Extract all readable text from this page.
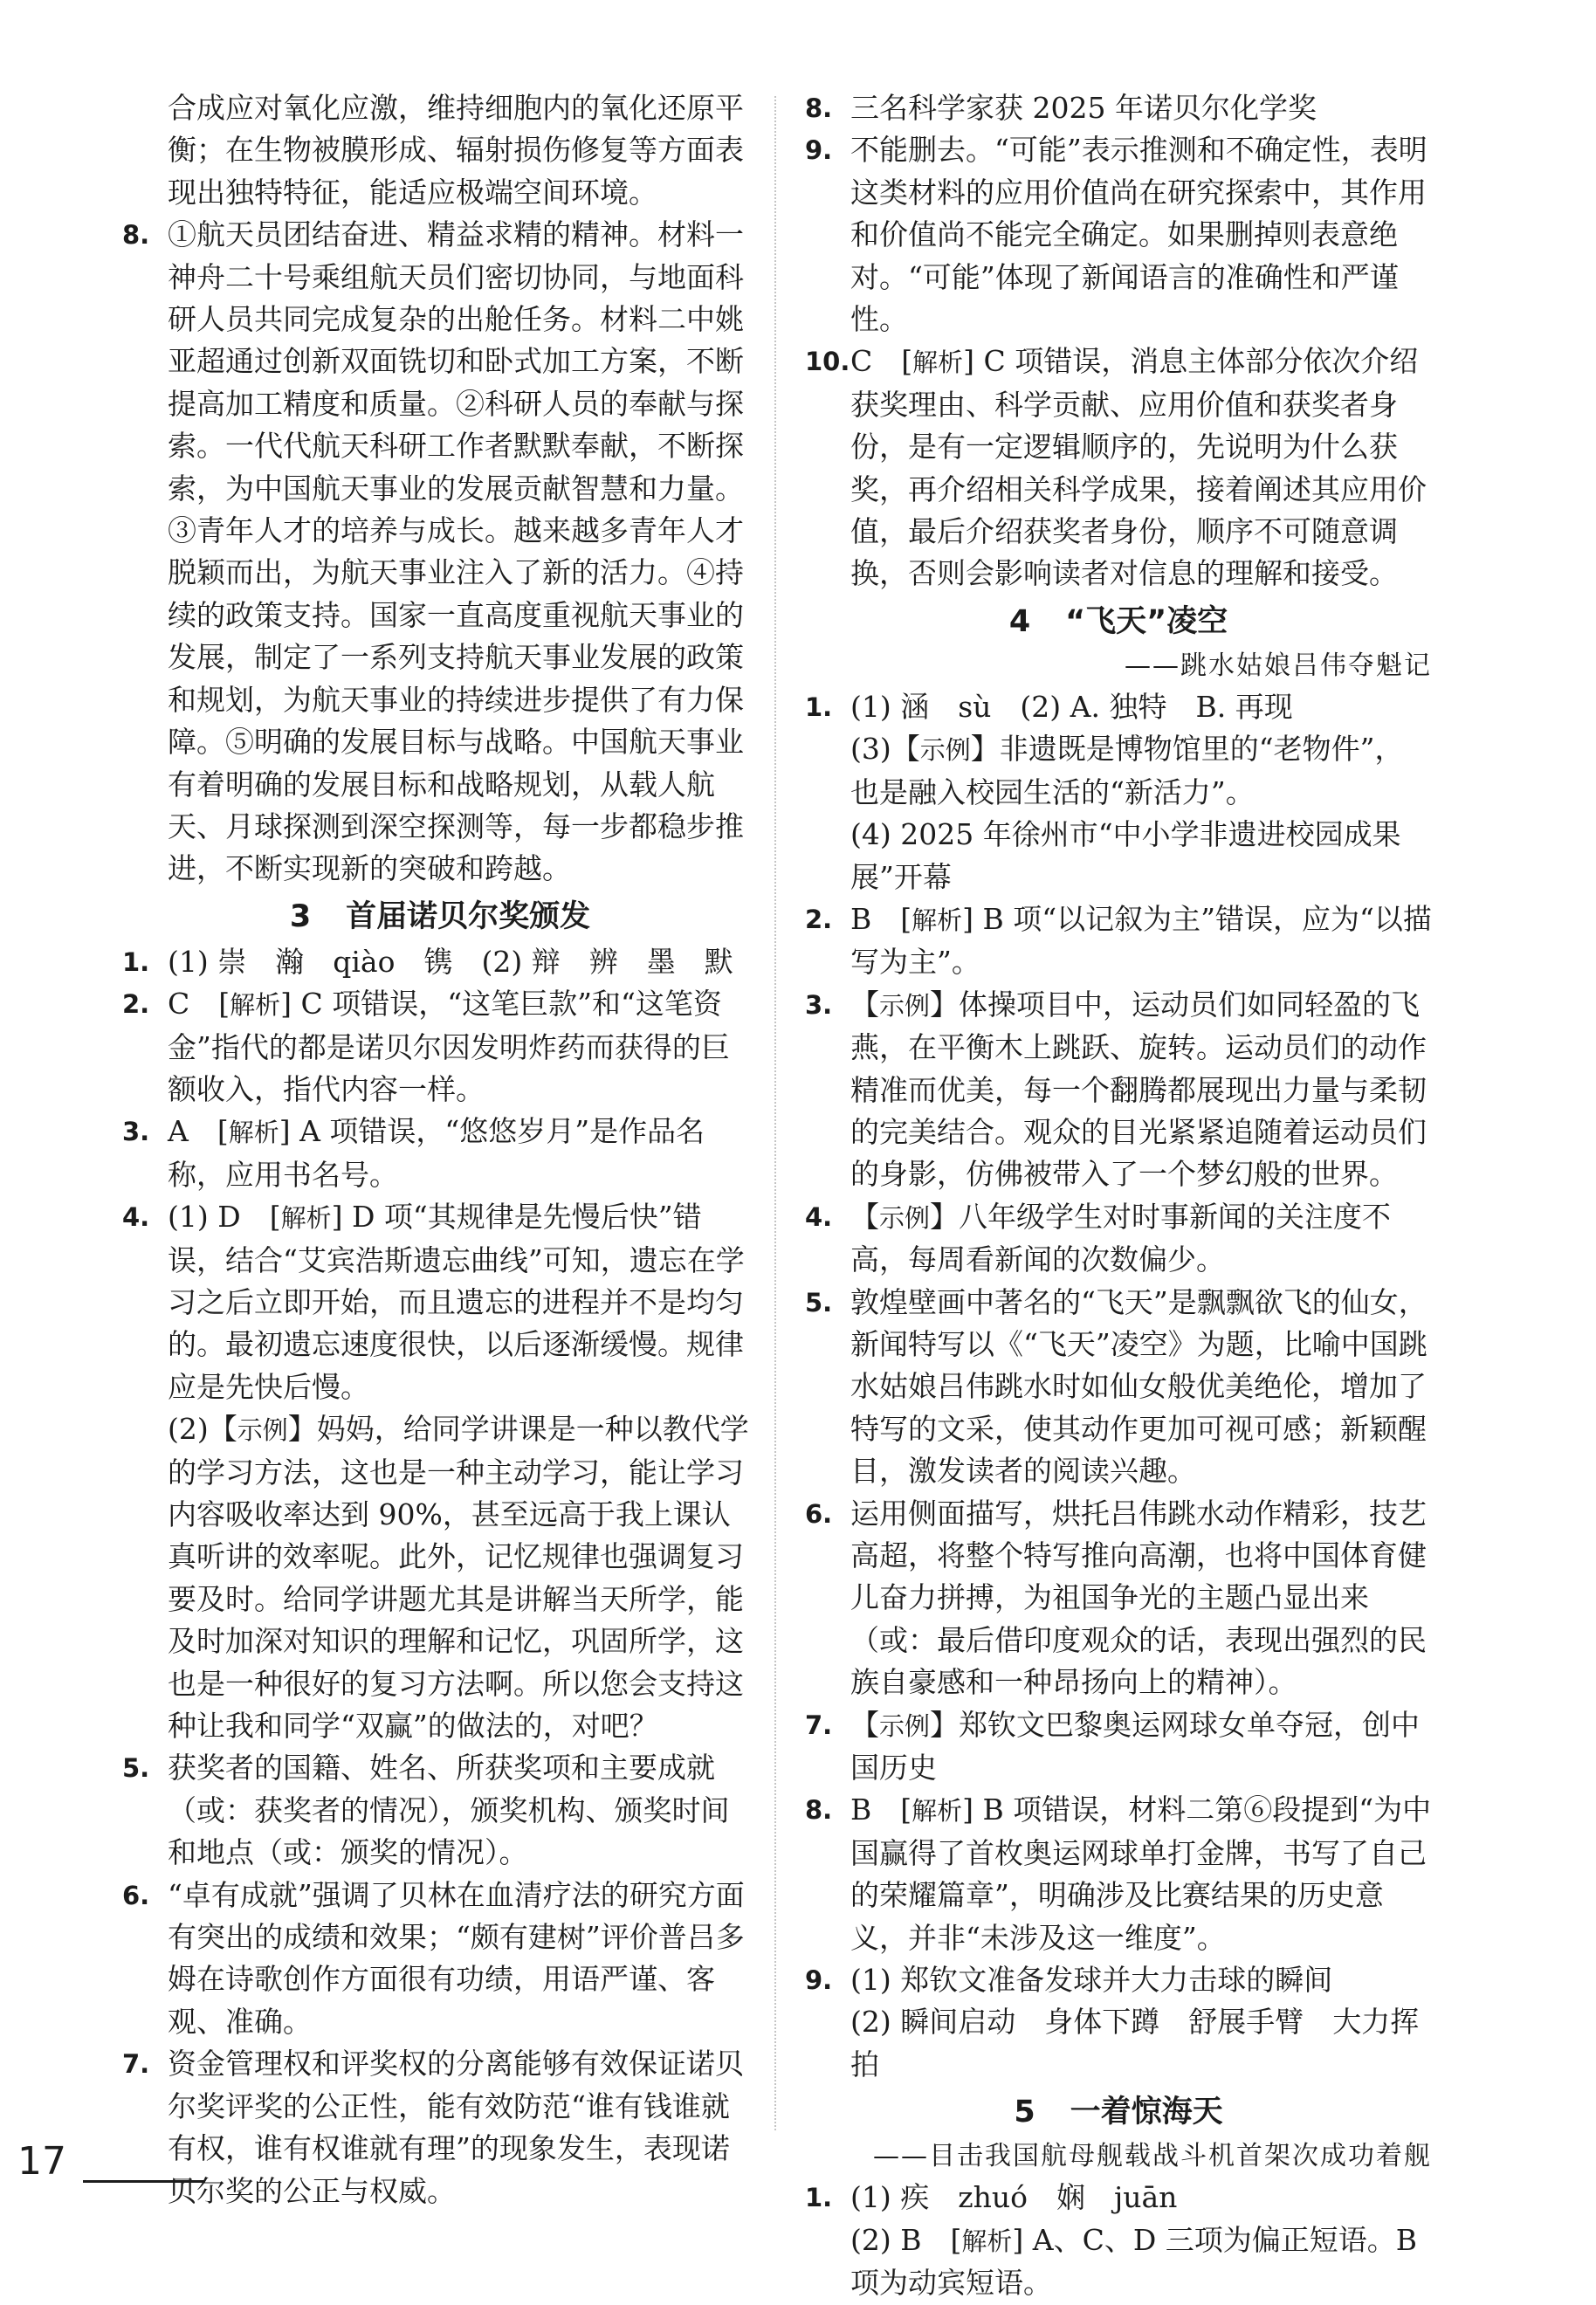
合成应对氧化应激，维持细胞内的氧化还原平衡；在生物被膜形成、辐射损伤修复等方面表现出独特特征，能适应极端空间环境。
8. ①航天员团结奋进、精益求精的精神。材料一神舟二十号乘组航天员们密切协同，与地面科研人员共同完成复杂的出舱任务。材料二中姚亚超通过创新双面铣切和卧式加工方案，不断提高加工精度和质量。②科研人员的奉献与探索。一代代航天科研工作者默默奉献，不断探索，为中国航天事业的发展贡献智慧和力量。③青年人才的培养与成长。越来越多青年人才脱颖而出，为航天事业注入了新的活力。④持续的政策支持。国家一直高度重视航天事业的发展，制定了一系列支持航天事业发展的政策和规划，为航天事业的持续进步提供了有力保障。⑤明确的发展目标与战略。中国航天事业有着明确的发展目标和战略规划，从载人航天、月球探测到深空探测等，每一步都稳步推进，不断实现新的突破和跨越。
3 首届诺贝尔奖颁发
1. (1) 崇　瀚　qiào　镌　(2) 辩　辨　墨　默
2. C　[解析] C 项错误，“这笔巨款”和“这笔资金”指代的都是诺贝尔因发明炸药而获得的巨额收入，指代内容一样。
3. A　[解析] A 项错误，“悠悠岁月”是作品名称，应用书名号。
4. (1) D　[解析] D 项“其规律是先慢后快”错误，结合“艾宾浩斯遗忘曲线”可知，遗忘在学习之后立即开始，而且遗忘的进程并不是均匀的。最初遗忘速度很快，以后逐渐缓慢。规律应是先快后慢。
(2)【示例】妈妈，给同学讲课是一种以教代学的学习方法，这也是一种主动学习，能让学习内容吸收率达到 90%，甚至远高于我上课认真听讲的效率呢。此外，记忆规律也强调复习要及时。给同学讲题尤其是讲解当天所学，能及时加深对知识的理解和记忆，巩固所学，这也是一种很好的复习方法啊。所以您会支持这种让我和同学“双赢”的做法的，对吧？
5. 获奖者的国籍、姓名、所获奖项和主要成就（或：获奖者的情况），颁奖机构、颁奖时间和地点（或：颁奖的情况）。
6. “卓有成就”强调了贝林在血清疗法的研究方面有突出的成绩和效果；“颇有建树”评价普吕多姆在诗歌创作方面很有功绩，用语严谨、客观、准确。
7. 资金管理权和评奖权的分离能够有效保证诺贝尔奖评奖的公正性，能有效防范“谁有钱谁就有权，谁有权谁就有理”的现象发生，表现诺贝尔奖的公正与权威。
8. 三名科学家获 2025 年诺贝尔化学奖
9. 不能删去。“可能”表示推测和不确定性，表明这类材料的应用价值尚在研究探索中，其作用和价值尚不能完全确定。如果删掉则表意绝对。“可能”体现了新闻语言的准确性和严谨性。
10. C　[解析] C 项错误，消息主体部分依次介绍获奖理由、科学贡献、应用价值和获奖者身份，是有一定逻辑顺序的，先说明为什么获奖，再介绍相关科学成果，接着阐述其应用价值，最后介绍获奖者身份，顺序不可随意调换，否则会影响读者对信息的理解和接受。
4 “飞天”凌空
——跳水姑娘吕伟夺魁记
1. (1) 涵　sù　(2) A. 独特　B. 再现
(3)【示例】非遗既是博物馆里的“老物件”，也是融入校园生活的“新活力”。
(4) 2025 年徐州市“中小学非遗进校园成果展”开幕
2. B　[解析] B 项“以记叙为主”错误，应为“以描写为主”。
3. 【示例】体操项目中，运动员们如同轻盈的飞燕，在平衡木上跳跃、旋转。运动员们的动作精准而优美，每一个翻腾都展现出力量与柔韧的完美结合。观众的目光紧紧追随着运动员们的身影，仿佛被带入了一个梦幻般的世界。
4. 【示例】八年级学生对时事新闻的关注度不高，每周看新闻的次数偏少。
5. 敦煌壁画中著名的“飞天”是飘飘欲飞的仙女，新闻特写以《“飞天”凌空》为题，比喻中国跳水姑娘吕伟跳水时如仙女般优美绝伦，增加了特写的文采，使其动作更加可视可感；新颖醒目，激发读者的阅读兴趣。
6. 运用侧面描写，烘托吕伟跳水动作精彩，技艺高超，将整个特写推向高潮，也将中国体育健儿奋力拼搏，为祖国争光的主题凸显出来（或：最后借印度观众的话，表现出强烈的民族自豪感和一种昂扬向上的精神）。
7. 【示例】郑钦文巴黎奥运网球女单夺冠，创中国历史
8. B　[解析] B 项错误，材料二第⑥段提到“为中国赢得了首枚奥运网球单打金牌，书写了自己的荣耀篇章”，明确涉及比赛结果的历史意义，并非“未涉及这一维度”。
9. (1) 郑钦文准备发球并大力击球的瞬间
(2) 瞬间启动　身体下蹲　舒展手臂　大力挥拍
5 一着惊海天
——目击我国航母舰载战斗机首架次成功着舰
1. (1) 疾　zhuó　娴　juān
(2) B　[解析] A、C、D 三项为偏正短语。B 项为动宾短语。
17
